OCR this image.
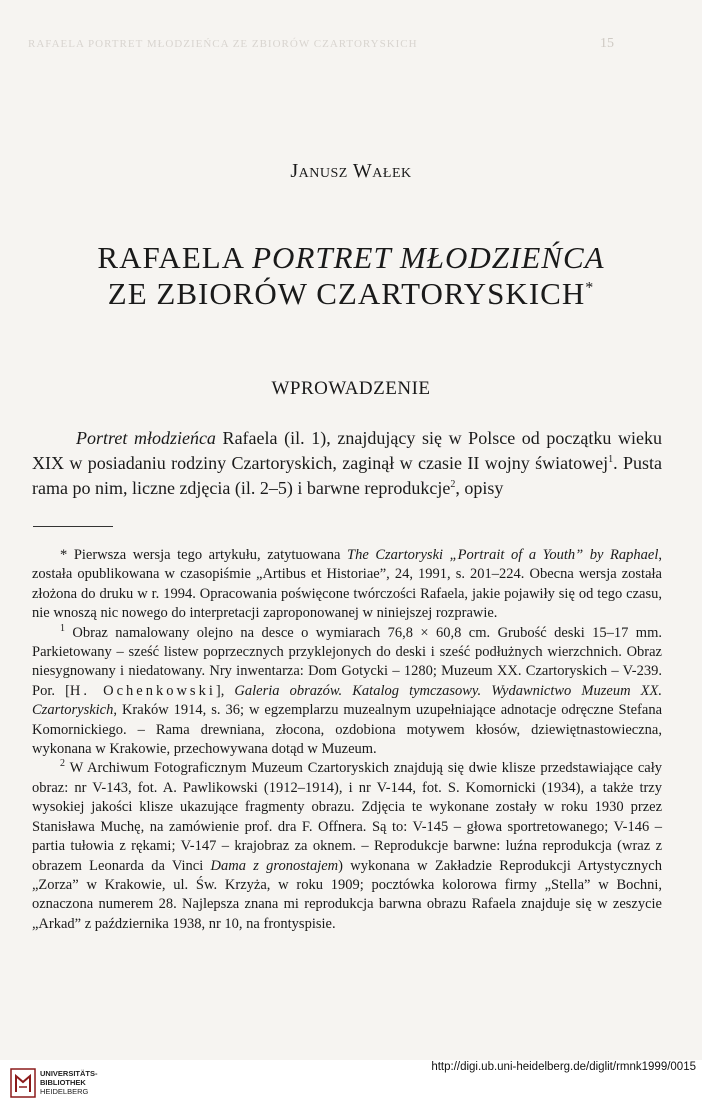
RAFAELA PORTRET MŁODZIEŃCA ZE ZBIORÓW CZARTORYSKICH	15
Janusz Wałek
RAFAELA PORTRET MŁODZIEŃCA
ZE ZBIORÓW CZARTORYSKICH*
WPROWADZENIE

Portret młodzieńca Rafaela (il. 1), znajdujący się w Polsce od początku wieku XIX w posiadaniu rodziny Czartoryskich, zaginął w czasie II wojny światowej$^1$. Pusta rama po nim, liczne zdjęcia (il. 2–5) i barwne reprodukcje$^2$, opisy

* Pierwsza wersja tego artykułu, zatytuowana The Czartoryski „Portrait of a Youth” by Raphael, została opublikowana w czasopiśmie „Artibus et Historiae”, 24, 1991, s. 201–224. Obecna wersja została złożona do druku w r. 1994. Opracowania poświęcone twórczości Rafaela, jakie pojawiły się od tego czasu, nie wnoszą nic nowego do interpretacji zaproponowanej w niniejszej rozprawie.

$^1$ Obraz namalowany olejno na desce o wymiarach 76,8 × 60,8 cm. Grubość deski 15–17 mm. Parkietowany – sześć listew poprzecznych przyklejonych do deski i sześć podłużnych wierzchnich. Obraz niesygnowany i niedatowany. Nry inwentarza: Dom Gotycki – 1280; Muzeum XX. Czartoryskich – V-239. Por. [H. Ochenkowski], Galeria obrazów. Katalog tymczasowy. Wydawnictwo Muzeum XX. Czartoryskich, Kraków 1914, s. 36; w egzemplarzu muzealnym uzupełniające adnotacje odręczne Stefana Komornickiego. – Rama drewniana, złocona, ozdobiona motywem kłosów, dziewiętnastowieczna, wykonana w Krakowie, przechowywana dotąd w Muzeum.

$^2$ W Archiwum Fotograficznym Muzeum Czartoryskich znajdują się dwie klisze przedstawiające cały obraz: nr V-143, fot. A. Pawlikowski (1912–1914), i nr V-144, fot. S. Komornicki (1934), a także trzy wysokiej jakości klisze ukazujące fragmenty obrazu. Zdjęcia te wykonane zostały w roku 1930 przez Stanisława Muchę, na zamówienie prof. dra F. Offnera. Są to: V-145 – głowa sportretowanego; V-146 – partia tułowia z rękami; V-147 – krajobraz za oknem. – Reprodukcje barwne: luźna reprodukcja (wraz z obrazem Leonarda da Vinci Dama z gronostajem) wykonana w Zakładzie Reprodukcji Artystycznych „Zorza” w Krakowie, ul. Św. Krzyża, w roku 1909; pocztówka kolorowa firmy „Stella” w Bochni, oznaczona numerem 28. Najlepsza znana mi reprodukcja barwna obrazu Rafaela znajduje się w zeszycie „Arkad” z października 1938, nr 10, na frontyspisie.

UNIVERSITÄTS-
BIBLIOTHEK
HEIDELBERG
http://digi.ub.uni-heidelberg.de/diglit/rmnk1999/0015
